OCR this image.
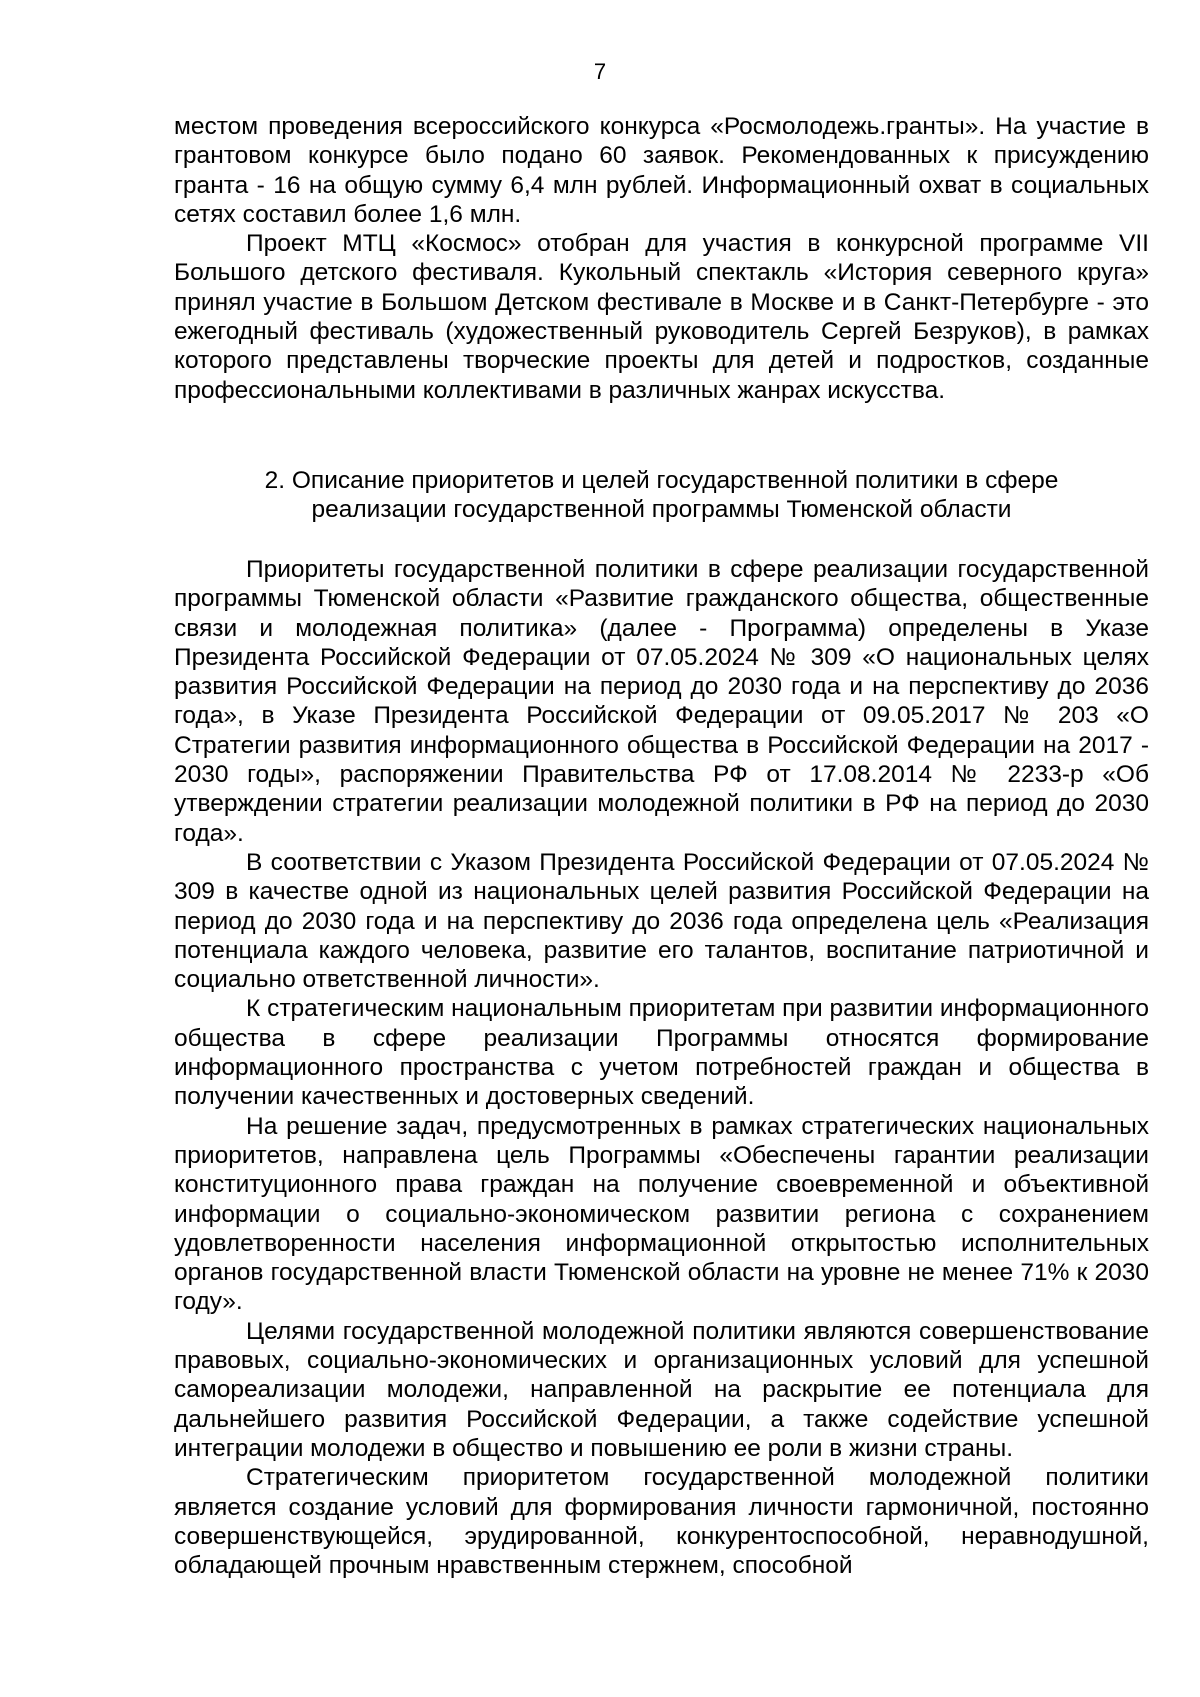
7

местом проведения всероссийского конкурса «Росмолодежь.гранты». На участие в грантовом конкурсе было подано 60 заявок. Рекомендованных к присуждению гранта - 16 на общую сумму 6,4 млн рублей. Информационный охват в социальных сетях составил более 1,6 млн.

Проект МТЦ «Космос» отобран для участия в конкурсной программе VII Большого детского фестиваля. Кукольный спектакль «История северного круга» принял участие в Большом Детском фестивале в Москве и в Санкт-Петербурге - это ежегодный фестиваль (художественный руководитель Сергей Безруков), в рамках которого представлены творческие проекты для детей и подростков, созданные профессиональными коллективами в различных жанрах искусства.

2. Описание приоритетов и целей государственной политики в сфере
реализации государственной программы Тюменской области

Приоритеты государственной политики в сфере реализации государственной программы Тюменской области «Развитие гражданского общества, общественные связи и молодежная политика» (далее - Программа) определены в Указе Президента Российской Федерации от 07.05.2024 № 309 «О национальных целях развития Российской Федерации на период до 2030 года и на перспективу до 2036 года», в Указе Президента Российской Федерации от 09.05.2017 № 203 «О Стратегии развития информационного общества в Российской Федерации на 2017 - 2030 годы», распоряжении Правительства РФ от 17.08.2014 № 2233-р «Об утверждении стратегии реализации молодежной политики в РФ на период до 2030 года».

В соответствии с Указом Президента Российской Федерации от 07.05.2024 № 309 в качестве одной из национальных целей развития Российской Федерации на период до 2030 года и на перспективу до 2036 года определена цель «Реализация потенциала каждого человека, развитие его талантов, воспитание патриотичной и социально ответственной личности».

К стратегическим национальным приоритетам при развитии информационного общества в сфере реализации Программы относятся формирование информационного пространства с учетом потребностей граждан и общества в получении качественных и достоверных сведений.

На решение задач, предусмотренных в рамках стратегических национальных приоритетов, направлена цель Программы «Обеспечены гарантии реализации конституционного права граждан на получение своевременной и объективной информации о социально-экономическом развитии региона с сохранением удовлетворенности населения информационной открытостью исполнительных органов государственной власти Тюменской области на уровне не менее 71% к 2030 году».

Целями государственной молодежной политики являются совершенствование правовых, социально-экономических и организационных условий для успешной самореализации молодежи, направленной на раскрытие ее потенциала для дальнейшего развития Российской Федерации, а также содействие успешной интеграции молодежи в общество и повышению ее роли в жизни страны.

Стратегическим приоритетом государственной молодежной политики является создание условий для формирования личности гармоничной, постоянно совершенствующейся, эрудированной, конкурентоспособной, неравнодушной, обладающей прочным нравственным стержнем, способной
